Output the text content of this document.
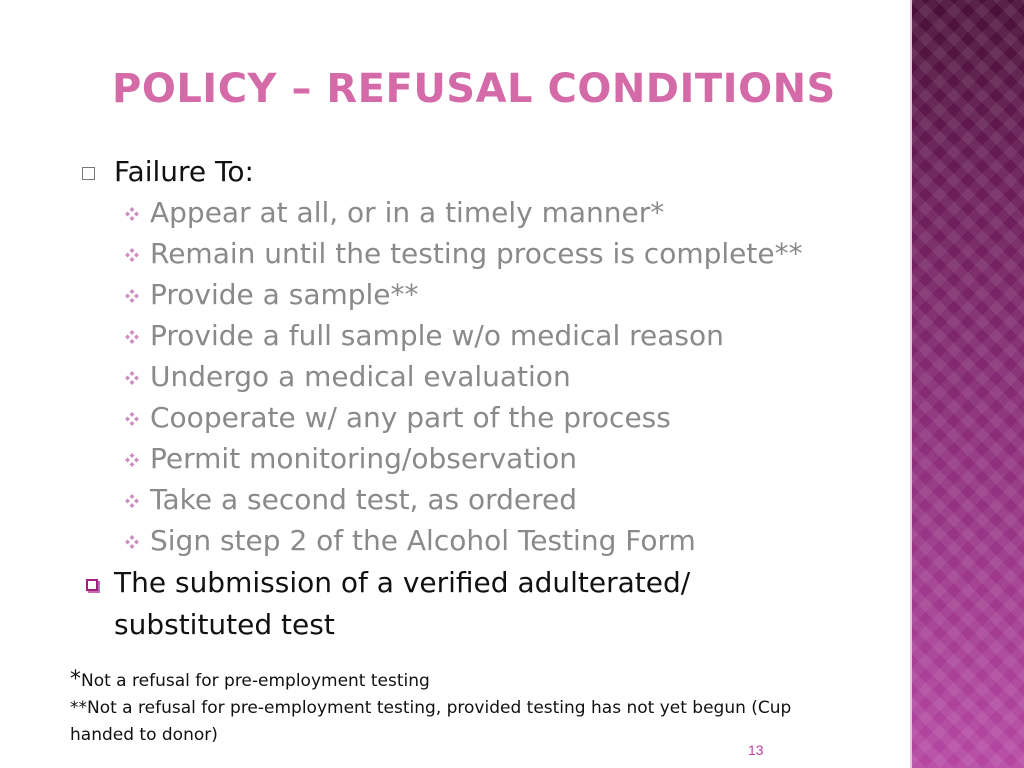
POLICY – REFUSAL CONDITIONS
Failure To:
Appear at all, or in a timely manner*
Remain until the testing process is complete**
Provide a sample**
Provide a full sample w/o medical reason
Undergo a medical evaluation
Cooperate w/ any part of the process
Permit monitoring/observation
Take a second test, as ordered
Sign step 2 of the Alcohol Testing Form
The submission of a verified adulterated/
substituted test
*Not a refusal for pre-employment testing
**Not a refusal for pre-employment testing, provided testing has not yet begun (Cup
handed to donor)
13
